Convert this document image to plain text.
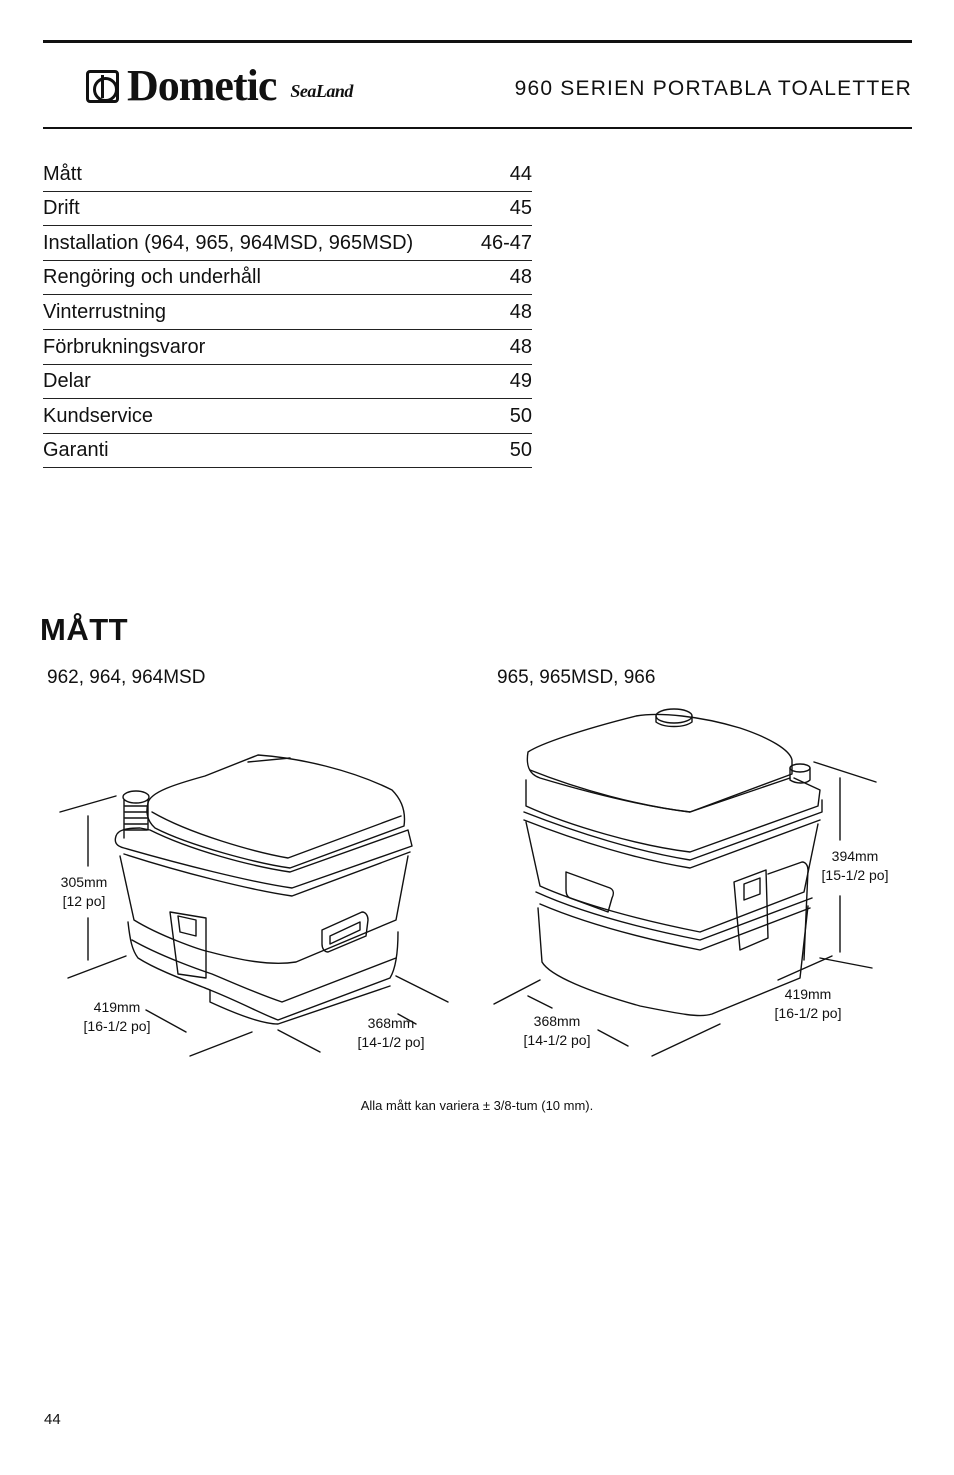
Dometic SeaLand	960 SERIEN PORTABLA TOALETTER
Mått	44
Drift	45
Installation (964, 965, 964MSD, 965MSD)	46-47
Rengöring och underhåll	48
Vinterrustning	48
Förbrukningsvaror	48
Delar	49
Kundservice	50
Garanti	50
MÅTT
962, 964, 964MSD	965, 965MSD, 966
305mm
[12 po]
419mm
[16-1/2 po]	368mm
[14-1/2 po]
394mm
[15-1/2 po]
419mm
[16-1/2 po]
368mm
[14-1/2 po]
Alla mått kan variera ± 3/8-tum (10 mm).
44
